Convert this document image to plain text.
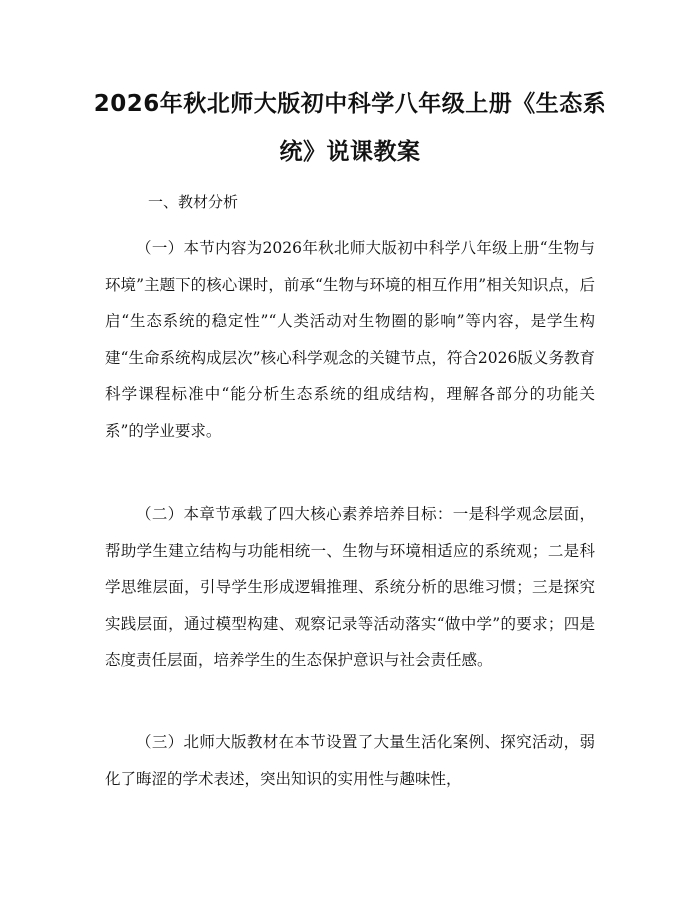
2026年秋北师大版初中科学八年级上册《生态系统》说课教案
一、教材分析

（一）本节内容为2026年秋北师大版初中科学八年级上册“生物与环境”主题下的核心课时，前承“生物与环境的相互作用”相关知识点，后启“生态系统的稳定性”“人类活动对生物圈的影响”等内容，是学生构建“生命系统构成层次”核心科学观念的关键节点，符合2026版义务教育科学课程标准中“能分析生态系统的组成结构，理解各部分的功能关系”的学业要求。

（二）本章节承载了四大核心素养培养目标：一是科学观念层面，帮助学生建立结构与功能相统一、生物与环境相适应的系统观；二是科学思维层面，引导学生形成逻辑推理、系统分析的思维习惯；三是探究实践层面，通过模型构建、观察记录等活动落实“做中学”的要求；四是态度责任层面，培养学生的生态保护意识与社会责任感。

（三）北师大版教材在本节设置了大量生活化案例、探究活动，弱化了晦涩的学术表述，突出知识的实用性与趣味性，
